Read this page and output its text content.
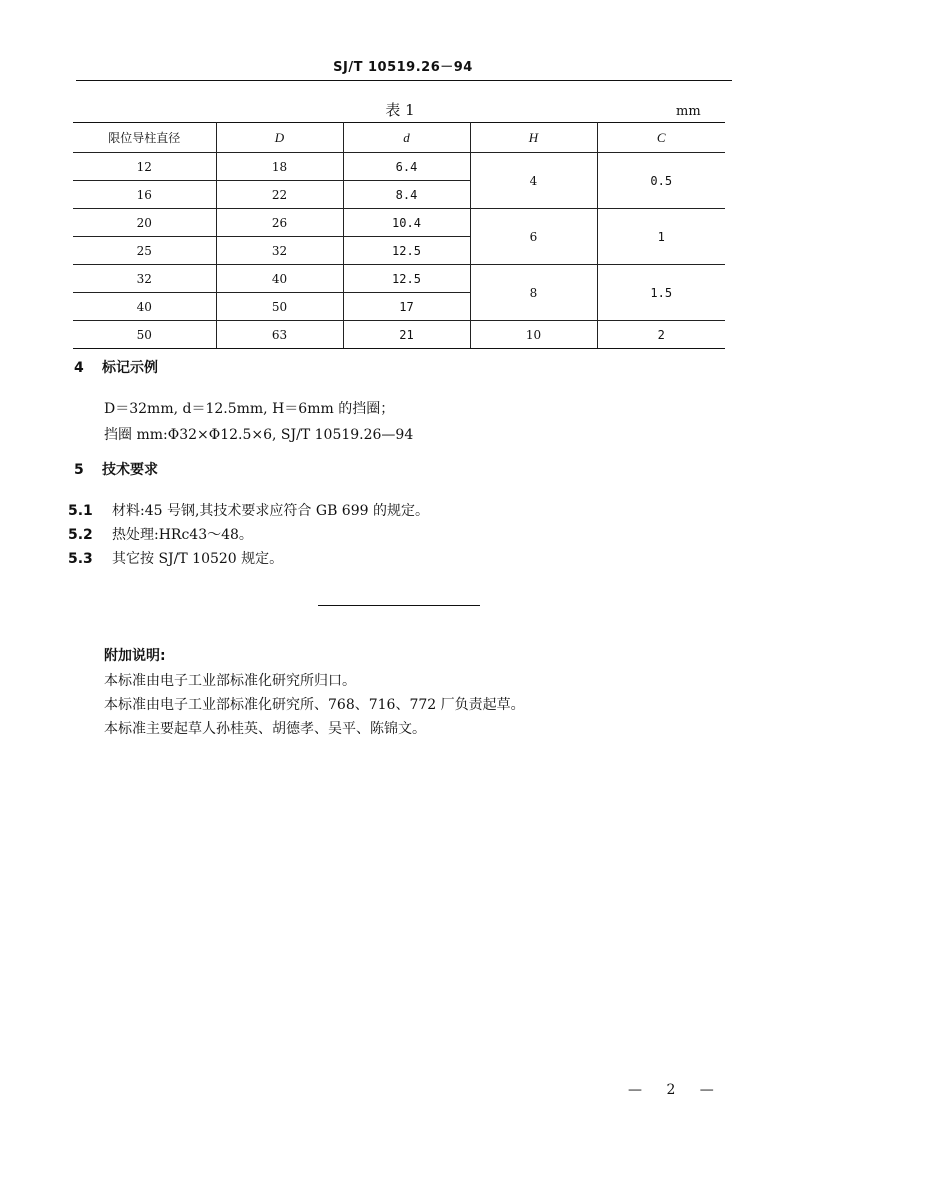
SJ/T 10519.26－94
表 1	mm
限位导柱直径	D	d	H	C
12	18	6.4	4	0.5
16	22	8.4		
20	26	10.4	6	1
25	32	12.5		
32	40	12.5	8	1.5
40	50	17		
50	63	21	10	2
4 标记示例
D＝32mm, d＝12.5mm, H＝6mm 的挡圈；
挡圈 mm:Φ32×Φ12.5×6, SJ/T 10519.26—94
5 技术要求
5.1 材料:45 号钢,其技术要求应符合 GB 699 的规定。
5.2 热处理:HRc43～48。
5.3 其它按 SJ/T 10520 规定。
附加说明:
本标准由电子工业部标准化研究所归口。
本标准由电子工业部标准化研究所、768、716、772 厂负责起草。
本标准主要起草人孙桂英、胡德孝、吴平、陈锦文。
— 2 —
